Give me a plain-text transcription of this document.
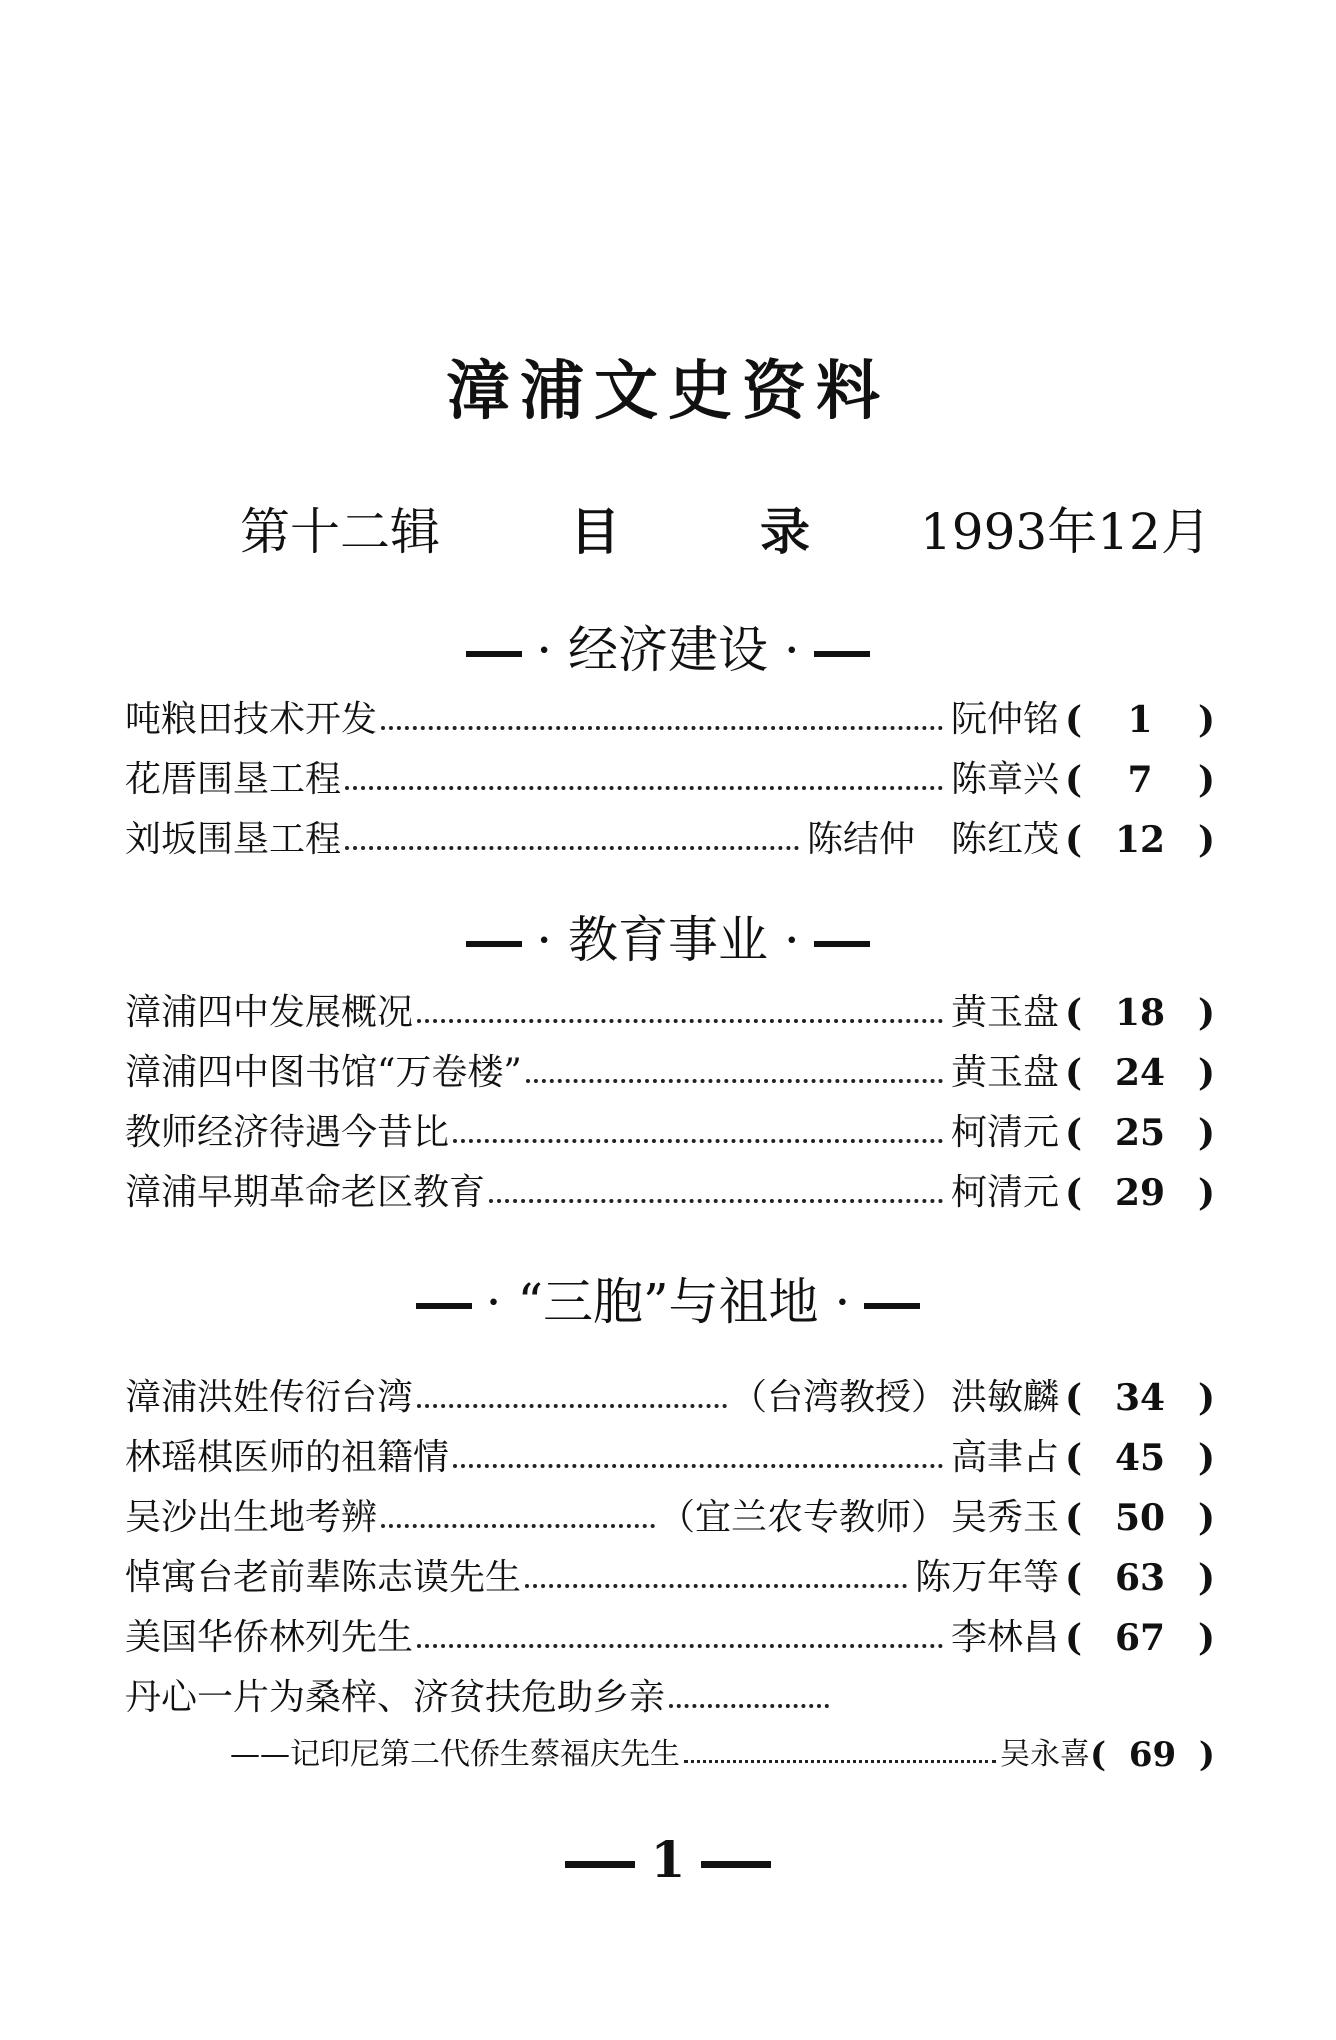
漳浦文史资料
第十二辑	目录
1993年12月
· 经济建设 ·
吨粮田技术开发	阮仲铭 (	1	)
花厝围垦工程	陈章兴 (	7	)
刘坂围垦工程	陈结仲　陈红茂 ( 12 )
· 教育事业 ·
漳浦四中发展概况	黄玉盘 ( 18 )
漳浦四中图书馆“万卷楼”	黄玉盘 ( 24 )
教师经济待遇今昔比	柯清元 ( 25 )
漳浦早期革命老区教育	柯清元 ( 29 )
· “三胞”与祖地 ·
漳浦洪姓传衍台湾	（台湾教授） 洪敏麟 ( 34 )
林瑶棋医师的祖籍情	高聿占 ( 45 )
吴沙出生地考辨	（宜兰农专教师） 吴秀玉 ( 50 )
悼寓台老前辈陈志谟先生	陈万年等 ( 63 )
美国华侨林列先生	李林昌 ( 67 )
丹心一片为桑梓、济贫扶危助乡亲
——记印尼第二代侨生蔡福庆先生	吴永喜 ( 69 )
1
